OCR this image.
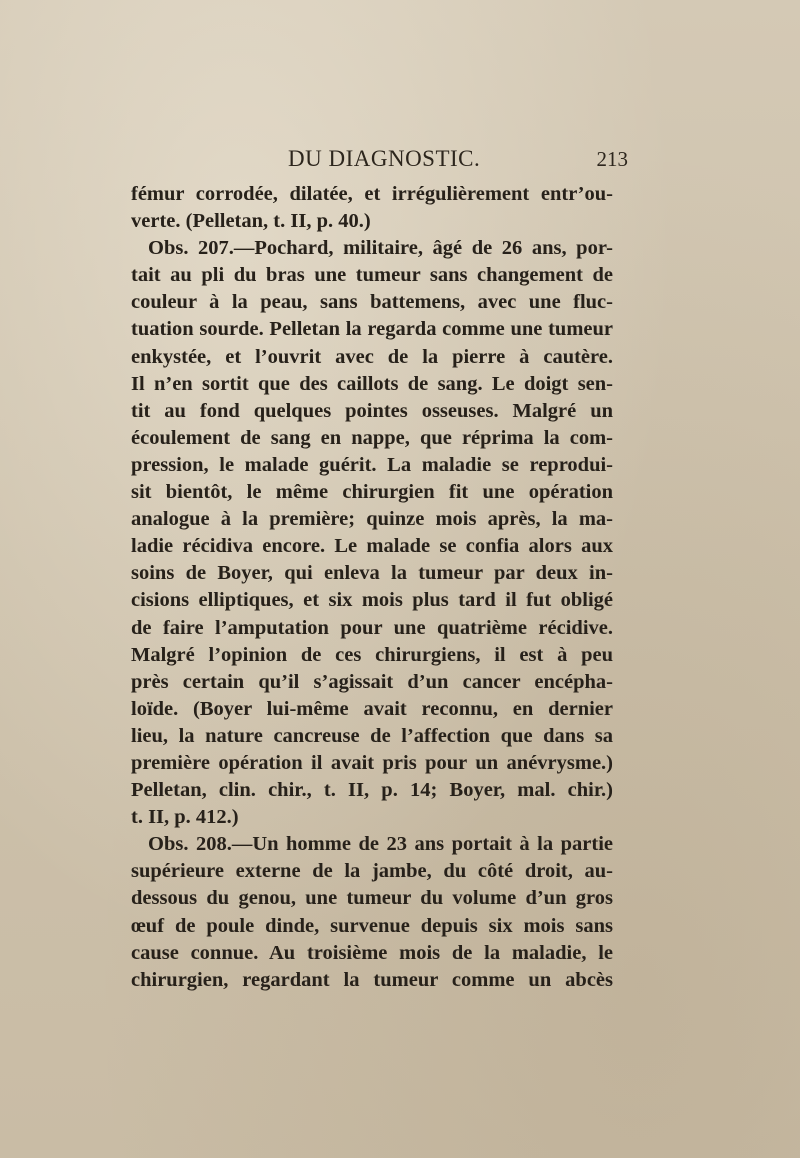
DU DIAGNOSTIC.	213
fémur corrodée, dilatée, et irrégulièrement entr’ou-
verte. (Pelletan, t. II, p. 40.)
Obs. 207.—Pochard, militaire, âgé de 26 ans, por-
tait au pli du bras une tumeur sans changement de
couleur à la peau, sans battemens, avec une fluc-
tuation sourde. Pelletan la regarda comme une tumeur
enkystée, et l’ouvrit avec de la pierre à cautère.
Il n’en sortit que des caillots de sang. Le doigt sen-
tit au fond quelques pointes osseuses. Malgré un
écoulement de sang en nappe, que réprima la com-
pression, le malade guérit. La maladie se reprodui-
sit bientôt, le même chirurgien fit une opération
analogue à la première; quinze mois après, la ma-
ladie récidiva encore. Le malade se confia alors aux
soins de Boyer, qui enleva la tumeur par deux in-
cisions elliptiques, et six mois plus tard il fut obligé
de faire l’amputation pour une quatrième récidive.
Malgré l’opinion de ces chirurgiens, il est à peu
près certain qu’il s’agissait d’un cancer encépha-
loïde. (Boyer lui-même avait reconnu, en dernier
lieu, la nature cancreuse de l’affection que dans sa
première opération il avait pris pour un anévrysme.)
Pelletan, clin. chir., t. II, p. 14; Boyer, mal. chir.)
t. II, p. 412.)
Obs. 208.—Un homme de 23 ans portait à la partie
supérieure externe de la jambe, du côté droit, au-
dessous du genou, une tumeur du volume d’un gros
œuf de poule dinde, survenue depuis six mois sans
cause connue. Au troisième mois de la maladie, le
chirurgien, regardant la tumeur comme un abcès
